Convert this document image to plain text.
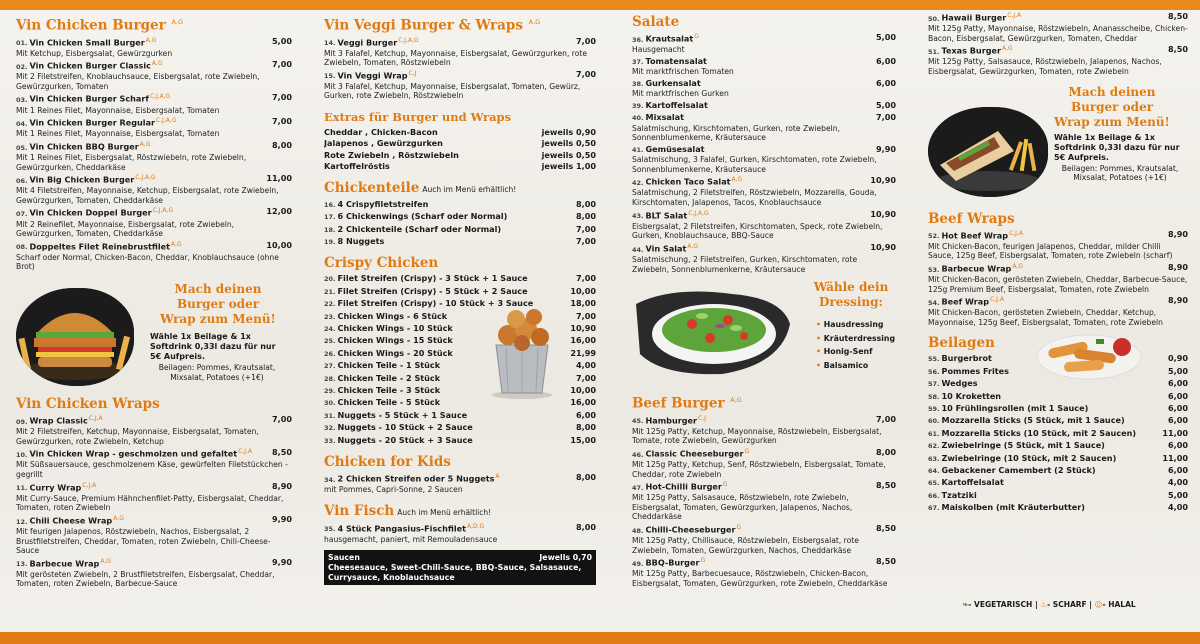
Vin Chicken Burger $^{A,G}$
01. Vin Chicken Small Burger$^{A,G}$	5,00
Mit Ketchup, Eisbergsalat, Gewürzgurken
02. Vin Chicken Burger Classic$^{A,G}$	7,00
Mit 2 Filetstreifen, Knoblauchsauce, Eisbergsalat, rote Zwiebeln, Gewürzgurken, Tomaten
03. Vin Chicken Burger Scharf$^{C,J,A,G}$	7,00
Mit 1 Reines Filet, Mayonnaise, Eisbergsalat, Tomaten
04. Vin Chicken Burger Regular$^{C,J,A,G}$	7,00
Mit 1 Reines Filet, Mayonnaise, Eisbergsalat, Tomaten
05. Vin Chicken BBQ Burger$^{A,G}$	8,00
Mit 1 Reines Filet, Eisbergsalat, Röstzwiebeln, rote Zwiebeln, Gewürzgurken, Cheddarkäse
06. Vin Big Chicken Burger$^{C,J,A,G}$	11,00
Mit 4 Filetstreifen, Mayonnaise, Ketchup, Eisbergsalat, rote Zwiebeln, Gewürzgurken, Tomaten, Cheddarkäse
07. Vin Chicken Doppel Burger$^{C,J,A,G}$	12,00
Mit 2 Reinefilet, Mayonnaise, Eisbergsalat, rote Zwiebeln, Gewürzgurken, Tomaten, Cheddarkäse
08. Doppeltes Filet Reinebrustfilet$^{A,G}$	10,00
Scharf oder Normal, Chicken-Bacon, Cheddar, Knoblauchsauce (ohne Brot)
Mach deinen Burger oder Wrap zum Menü!
Wähle 1x Beilage & 1x Softdrink 0,33l dazu für nur 5€ Aufpreis.
Beilagen: Pommes, Krautsalat, Mixsalat, Potatoes (+1€)
Vin Chicken Wraps
09. Wrap Classic$^{C,J,A}$	7,00
Mit 2 Filetstreifen, Ketchup, Mayonnaise, Eisbergsalat, Tomaten, Gewürzgurken, rote Zwiebeln, Ketchup
10. Vin Chicken Wrap - geschmolzen und gefaltet$^{C,J,A}$	8,50
Mit Süßsauersauce, geschmolzenem Käse, gewürfelten Filetstückchen - gegrillt
11. Curry Wrap$^{C,J,A}$	8,90
Mit Curry-Sauce, Premium Hähnchenfilet-Patty, Eisbergsalat, Cheddar, Tomaten, roten Zwiebeln
12. Chili Cheese Wrap$^{A,G}$	9,90
Mit feurigen Jalapenos, Röstzwiebeln, Nachos, Eisbergsalat, 2 Brustfiletstreifen, Cheddar, Tomaten, roten Zwiebeln, Chili-Cheese-Sauce
13. Barbecue Wrap$^{A,G}$	9,90
Mit gerösteten Zwiebeln, 2 Brustfiletstreifen, Eisbergsalat, Cheddar, Tomaten, roten Zwiebeln, Barbecue-Sauce
Vin Veggi Burger & Wraps $^{A,G}$
14. Veggi Burger$^{C,J,A,G}$	7,00
Mit 3 Falafel, Ketchup, Mayonnaise, Eisbergsalat, Gewürzgurken, rote Zwiebeln, Tomaten, Röstzwiebeln
15. Vin Veggi Wrap$^{C,J}$	7,00
Mit 3 Falafel, Ketchup, Mayonnaise, Eisbergsalat, Tomaten, Gewürz, Gurken, rote Zwiebeln, Röstzwiebeln
Extras für Burger und Wraps
Cheddar , Chicken-Bacon	jeweils 0,90
Jalapenos , Gewürzgurken	jeweils 0,50
Rote Zwiebeln , Röstzwiebeln	jeweils 0,50
Kartoffelröstis	jeweils 1,00
Chickenteile Auch im Menü erhältlich!
16. 4 Crispyfiletstreifen	8,00
17. 6 Chickenwings (Scharf oder Normal)	8,00
18. 2 Chickenteile (Scharf oder Normal)	7,00
19. 8 Nuggets	7,00
Crispy Chicken
20. Filet Streifen (Crispy) - 3 Stück + 1 Sauce	7,00
21. Filet Streifen (Crispy) - 5 Stück + 2 Sauce	10,00
22. Filet Streifen (Crispy) - 10 Stück + 3 Sauce	18,00
23. Chicken Wings - 6 Stück	7,00
24. Chicken Wings - 10 Stück	10,90
25. Chicken Wings - 15 Stück	16,00
26. Chicken Wings - 20 Stück	21,99
27. Chicken Teile - 1 Stück	4,00
28. Chicken Teile - 2 Stück	7,00
29. Chicken Teile - 3 Stück	10,00
30. Chicken Teile - 5 Stück	16,00
31. Nuggets - 5 Stück + 1 Sauce	6,00
32. Nuggets - 10 Stück + 2 Sauce	8,00
33. Nuggets - 20 Stück + 3 Sauce	15,00
Chicken for Kids
34. 2 Chicken Streifen oder 5 Nuggets$^A$	8,00
mit Pommes, Capri-Sonne, 2 Saucen
Vin Fisch Auch im Menü erhältlich!
35. 4 Stück Pangasius-Fischfilet$^{A,D,G}$	8,00
hausgemacht, paniert, mit Remouladensauce
Saucen	Jewells 0,70
Cheesesauce, Sweet-Chili-Sauce, BBQ-Sauce, Salsasauce, Currysauce, Knoblauchsauce
Salate
36. Krautsalat$^G$	5,00
Hausgemacht
37. Tomatensalat	6,00
Mit marktfrischen Tomaten
38. Gurkensalat	6,00
Mit marktfrischen Gurken
39. Kartoffelsalat	5,00
40. Mixsalat	7,00
Salatmischung, Kirschtomaten, Gurken, rote Zwiebeln, Sonnenblumenkerne, Kräutersauce
41. Gemüsesalat	9,90
Salatmischung, 3 Falafel, Gurken, Kirschtomaten, rote Zwiebeln, Sonnenblumenkerne, Kräutersauce
42. Chicken Taco Salat$^{A,G}$	10,90
Salatmischung, 2 Filetstreifen, Röstzwiebeln, Mozzarella, Gouda, Kirschtomaten, Jalapenos, Tacos, Knoblauchsauce
43. BLT Salat$^{C,J,A,G}$	10,90
Eisbergsalat, 2 Filetstreifen, Kirschtomaten, Speck, rote Zwiebeln, Gurken, Knoblauchsauce, BBQ-Sauce
44. Vin Salat$^{A,G}$	10,90
Salatmischung, 2 Filetstreifen, Gurken, Kirschtomaten, rote Zwiebeln, Sonnenblumenkerne, Kräutersauce
Wähle dein Dressing:
• Hausdressing
• Kräuterdressing
• Honig-Senf
• Balsamico
Beef Burger $^{A,G}$
45. Hamburger$^{C,J}$	7,00
Mit 125g Patty, Ketchup, Mayonnaise, Röstzwiebeln, Eisbergsalat, Tomate, rote Zwiebeln, Gewürzgurken
46. Classic Cheeseburger$^G$	8,00
Mit 125g Patty, Ketchup, Senf, Röstzwiebeln, Eisbergsalat, Tomate, Cheddar, rote Zwiebeln
47. Hot-Chilli Burger$^G$	8,50
Mit 125g Patty, Salsasauce, Röstzwiebeln, rote Zwiebeln, Eisbergsalat, Tomaten, Gewürzgurken, Jalapenos, Nachos, Cheddarkäse
48. Chilli-Cheeseburger$^G$	8,50
Mit 125g Patty, Chillisauce, Röstzwiebeln, Eisbergsalat, rote Zwiebeln, Tomaten, Gewürzgurken, Nachos, Cheddarkäse
49. BBQ-Burger$^G$	8,50
Mit 125g Patty, Barbecuesauce, Röstzwiebeln, Chicken-Bacon, Eisbergsalat, Tomaten, Gewürzgurken, rote Zwiebeln, Cheddarkäse
50. Hawaii Burger$^{C,J,A}$	8,50
Mit 125g Patty, Mayonnaise, Röstzwiebeln, Ananasscheibe, Chicken-Bacon, Eisbergsalat, Gewürzgurken, Tomaten, Cheddar
51. Texas Burger$^{A,G}$	8,50
Mit 125g Patty, Salsasauce, Röstzwiebeln, Jalapenos, Nachos, Eisbergsalat, Gewürzgurken, Tomaten, rote Zwiebeln
Mach deinen Burger oder Wrap zum Menü!
Wähle 1x Beilage & 1x Softdrink 0,33l dazu für nur 5€ Aufpreis.
Beilagen: Pommes, Krautsalat, Mixsalat, Potatoes (+1€)
Beef Wraps
52. Hot Beef Wrap$^{C,J,A}$	8,90
Mit Chicken-Bacon, feurigen Jalapenos, Cheddar, milder Chilli Sauce, 125g Beef, Eisbergsalat, Tomaten, rote Zwiebeln (scharf)
53. Barbecue Wrap$^{A,G}$	8,90
Mit Chicken-Bacon, gerösteten Zwiebeln, Cheddar, Barbecue-Sauce, 125g Premium Beef, Eisbergsalat, Tomaten, rote Zwiebeln
54. Beef Wrap$^{C,J,A}$	8,90
Mit Chicken-Bacon, gerösteten Zwiebeln, Cheddar, Ketchup, Mayonnaise, 125g Beef, Eisbergsalat, Tomaten, rote Zwiebeln
Beilagen
55. Burgerbrot	0,90
56. Pommes Frites	5,00
57. Wedges	6,00
58. 10 Kroketten	6,00
59. 10 Frühlingsrollen (mit 1 Sauce)	6,00
60. Mozzarella Sticks (5 Stück, mit 1 Sauce)	6,00
61. Mozzarella Sticks (10 Stück, mit 2 Saucen)	11,00
62. Zwiebelringe (5 Stück, mit 1 Sauce)	6,00
63. Zwiebelringe (10 Stück, mit 2 Saucen)	11,00
64. Gebackener Camembert (2 Stück)	6,00
65. Kartoffelsalat	4,00
66. Tzatziki	5,00
67. Maiskolben (mit Kräuterbutter)	4,00
❧- VEGETARISCH | ♨- SCHARF | ☺- HALAL
